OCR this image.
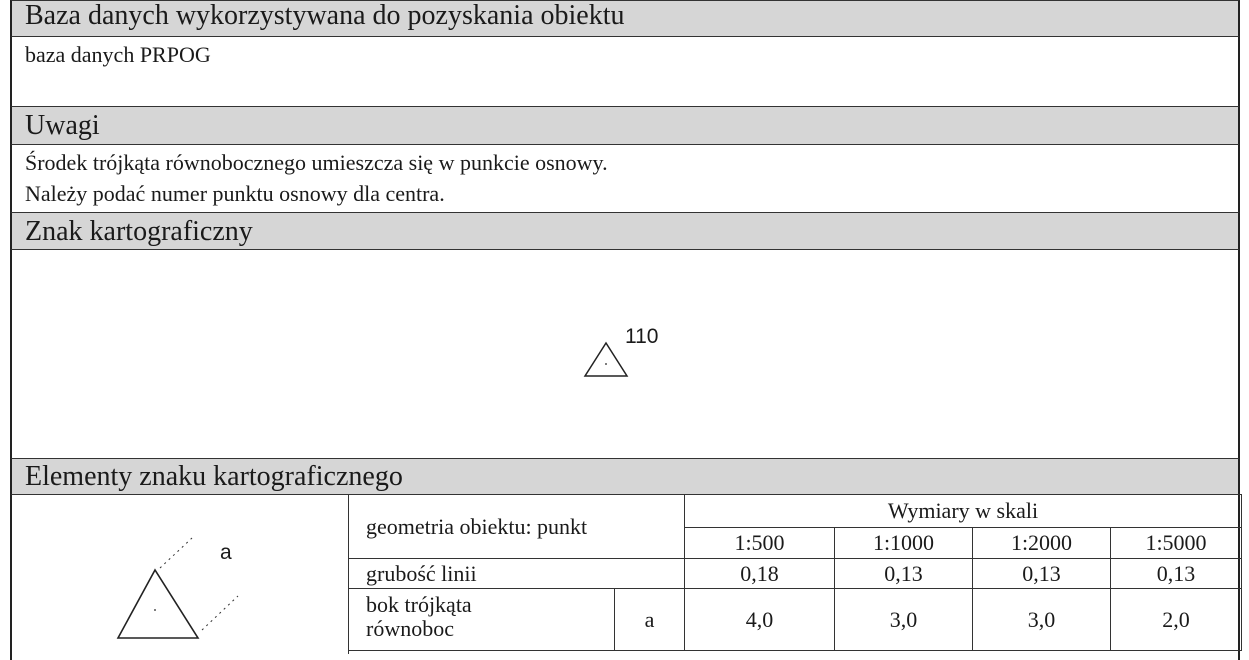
Baza danych wykorzystywana do pozyskania obiektu
baza danych PRPOG
Uwagi
Środek trójkąta równobocznego umieszcza się w punkcie osnowy.
Należy podać numer punktu osnowy dla centra.
Znak kartograficzny
110
Elementy znaku kartograficznego
a
geometria obiektu: punkt		Wymiary w skali			
		1:500	1:1000	1:2000	1:5000
grubość linii		0,18	0,13	0,13	0,13

bok trójkąta
równoboc	a	4,0	3,0	3,0	2,0
